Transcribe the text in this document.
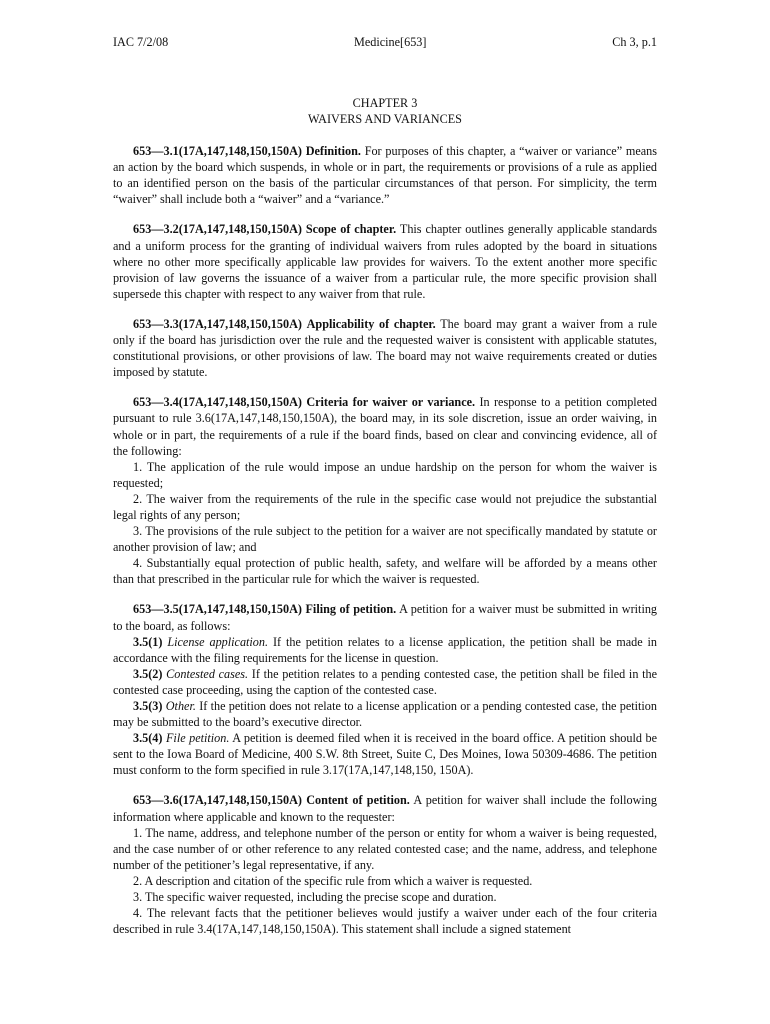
IAC 7/2/08	Medicine[653]	Ch 3, p.1
CHAPTER 3
WAIVERS AND VARIANCES

653—3.1(17A,147,148,150,150A) Definition. For purposes of this chapter, a “waiver or variance” means an action by the board which suspends, in whole or in part, the requirements or provisions of a rule as applied to an identified person on the basis of the particular circumstances of that person. For simplicity, the term “waiver” shall include both a “waiver” and a “variance.”

653—3.2(17A,147,148,150,150A) Scope of chapter. This chapter outlines generally applicable standards and a uniform process for the granting of individual waivers from rules adopted by the board in situations where no other more specifically applicable law provides for waivers. To the extent another more specific provision of law governs the issuance of a waiver from a particular rule, the more specific provision shall supersede this chapter with respect to any waiver from that rule.

653—3.3(17A,147,148,150,150A) Applicability of chapter. The board may grant a waiver from a rule only if the board has jurisdiction over the rule and the requested waiver is consistent with applicable statutes, constitutional provisions, or other provisions of law. The board may not waive requirements created or duties imposed by statute.

653—3.4(17A,147,148,150,150A) Criteria for waiver or variance. In response to a petition completed pursuant to rule 3.6(17A,147,148,150,150A), the board may, in its sole discretion, issue an order waiving, in whole or in part, the requirements of a rule if the board finds, based on clear and convincing evidence, all of the following:

1. The application of the rule would impose an undue hardship on the person for whom the waiver is requested;

2. The waiver from the requirements of the rule in the specific case would not prejudice the substantial legal rights of any person;

3. The provisions of the rule subject to the petition for a waiver are not specifically mandated by statute or another provision of law; and

4. Substantially equal protection of public health, safety, and welfare will be afforded by a means other than that prescribed in the particular rule for which the waiver is requested.

653—3.5(17A,147,148,150,150A) Filing of petition. A petition for a waiver must be submitted in writing to the board, as follows:

3.5(1) License application. If the petition relates to a license application, the petition shall be made in accordance with the filing requirements for the license in question.

3.5(2) Contested cases. If the petition relates to a pending contested case, the petition shall be filed in the contested case proceeding, using the caption of the contested case.

3.5(3) Other. If the petition does not relate to a license application or a pending contested case, the petition may be submitted to the board’s executive director.

3.5(4) File petition. A petition is deemed filed when it is received in the board office. A petition should be sent to the Iowa Board of Medicine, 400 S.W. 8th Street, Suite C, Des Moines, Iowa 50309-4686. The petition must conform to the form specified in rule 3.17(17A,147,148,150, 150A).

653—3.6(17A,147,148,150,150A) Content of petition. A petition for waiver shall include the following information where applicable and known to the requester:

1. The name, address, and telephone number of the person or entity for whom a waiver is being requested, and the case number of or other reference to any related contested case; and the name, address, and telephone number of the petitioner’s legal representative, if any.

2. A description and citation of the specific rule from which a waiver is requested.

3. The specific waiver requested, including the precise scope and duration.

4. The relevant facts that the petitioner believes would justify a waiver under each of the four criteria described in rule 3.4(17A,147,148,150,150A). This statement shall include a signed statement
